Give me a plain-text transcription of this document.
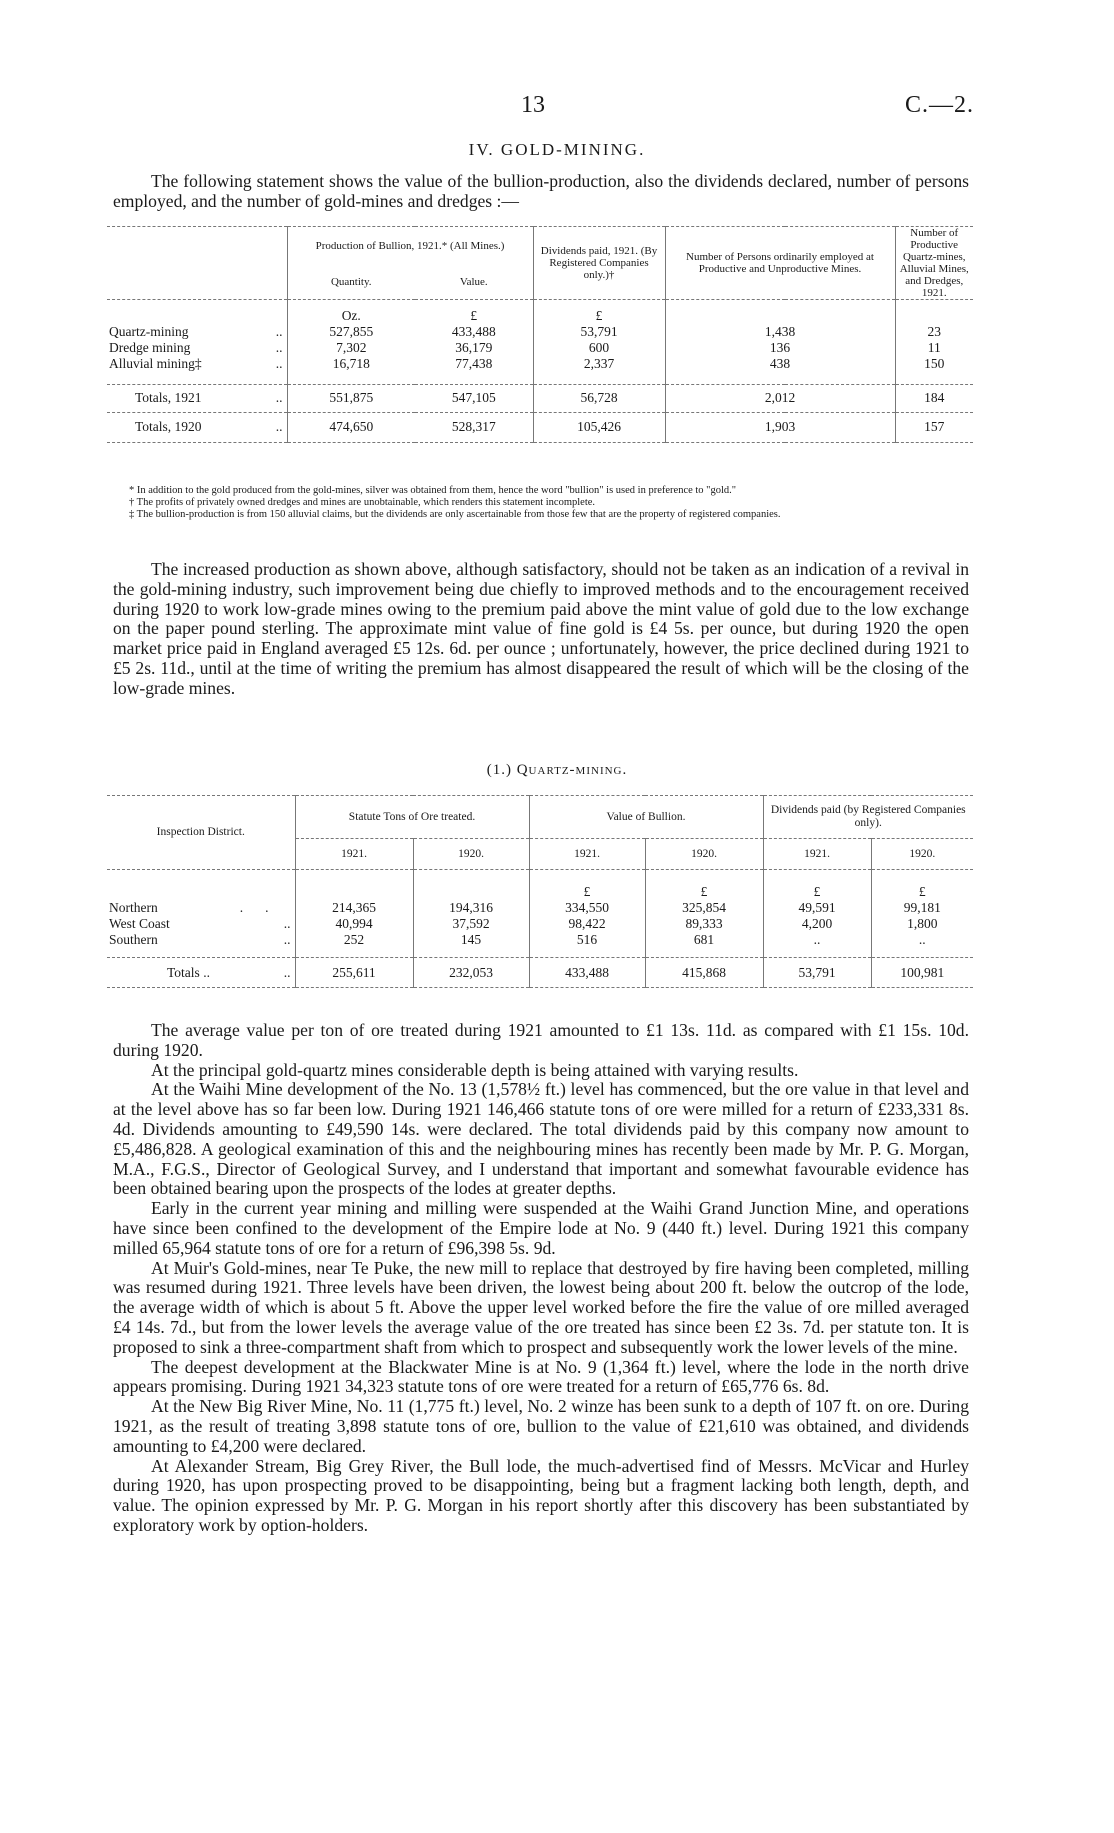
13	C.—2.
IV. GOLD-MINING.

The following statement shows the value of the bullion-production, also the dividends declared, number of persons employed, and the number of gold-mines and dredges :—

	Production of Bullion, 1921.* (All Mines.)		Dividends paid, 1921. (By Registered Companies only.)†	Number of Persons ordinarily employed at Productive and Unproductive Mines.	Number of Productive Quartz-mines, Alluvial Mines, and Dredges, 1921.
	Quantity.	Value.			
	Oz.	£	£		
Quartz-mining ..	527,855	433,488	53,791	1,438	23
Dredge mining ..	7,302	36,179	600	136	11
Alluvial mining‡ ..	16,718	77,438	2,337	438	150

Totals, 1921 ..	551,875	547,105	56,728	2,012	184
Totals, 1920 ..	474,650	528,317	105,426	1,903	157

* In addition to the gold produced from the gold-mines, silver was obtained from them, hence the word "bullion" is used in preference to "gold."

† The profits of privately owned dredges and mines are unobtainable, which renders this statement incomplete.

‡ The bullion-production is from 150 alluvial claims, but the dividends are only ascertainable from those few that are the property of registered companies.

The increased production as shown above, although satisfactory, should not be taken as an indication of a revival in the gold-mining industry, such improvement being due chiefly to improved methods and to the encouragement received during 1920 to work low-grade mines owing to the premium paid above the mint value of gold due to the low exchange on the paper pound sterling. The approximate mint value of fine gold is £4 5s. per ounce, but during 1920 the open market price paid in England averaged £5 12s. 6d. per ounce ; unfortunately, however, the price declined during 1921 to £5 2s. 11d., until at the time of writing the premium has almost disappeared the result of which will be the closing of the low-grade mines.

(1.) Quartz-mining.
Inspection District.	Statute Tons of Ore treated.		Value of Bullion.		Dividends paid (by Registered Companies only).	
	1921.	1920.	1921.	1920.	1921.	1920.
			£	£	£	£
Northern ..	214,365	194,316	334,550	325,854	49,591	99,181
West Coast ..	40,994	37,592	98,422	89,333	4,200	1,800
Southern ..	252	145	516	681	..	..

Totals .. ..	255,611	232,053	433,488	415,868	53,791	100,981

The average value per ton of ore treated during 1921 amounted to £1 13s. 11d. as compared with £1 15s. 10d. during 1920.

At the principal gold-quartz mines considerable depth is being attained with varying results.

At the Waihi Mine development of the No. 13 (1,578½ ft.) level has commenced, but the ore value in that level and at the level above has so far been low. During 1921 146,466 statute tons of ore were milled for a return of £233,331 8s. 4d. Dividends amounting to £49,590 14s. were declared. The total dividends paid by this company now amount to £5,486,828. A geological examination of this and the neighbouring mines has recently been made by Mr. P. G. Morgan, M.A., F.G.S., Director of Geological Survey, and I understand that important and somewhat favourable evidence has been obtained bearing upon the prospects of the lodes at greater depths.

Early in the current year mining and milling were suspended at the Waihi Grand Junction Mine, and operations have since been confined to the development of the Empire lode at No. 9 (440 ft.) level. During 1921 this company milled 65,964 statute tons of ore for a return of £96,398 5s. 9d.

At Muir's Gold-mines, near Te Puke, the new mill to replace that destroyed by fire having been completed, milling was resumed during 1921. Three levels have been driven, the lowest being about 200 ft. below the outcrop of the lode, the average width of which is about 5 ft. Above the upper level worked before the fire the value of ore milled averaged £4 14s. 7d., but from the lower levels the average value of the ore treated has since been £2 3s. 7d. per statute ton. It is proposed to sink a three-compartment shaft from which to prospect and subsequently work the lower levels of the mine.

The deepest development at the Blackwater Mine is at No. 9 (1,364 ft.) level, where the lode in the north drive appears promising. During 1921 34,323 statute tons of ore were treated for a return of £65,776 6s. 8d.

At the New Big River Mine, No. 11 (1,775 ft.) level, No. 2 winze has been sunk to a depth of 107 ft. on ore. During 1921, as the result of treating 3,898 statute tons of ore, bullion to the value of £21,610 was obtained, and dividends amounting to £4,200 were declared.

At Alexander Stream, Big Grey River, the Bull lode, the much-advertised find of Messrs. McVicar and Hurley during 1920, has upon prospecting proved to be disappointing, being but a fragment lacking both length, depth, and value. The opinion expressed by Mr. P. G. Morgan in his report shortly after this discovery has been substantiated by exploratory work by option-holders.
